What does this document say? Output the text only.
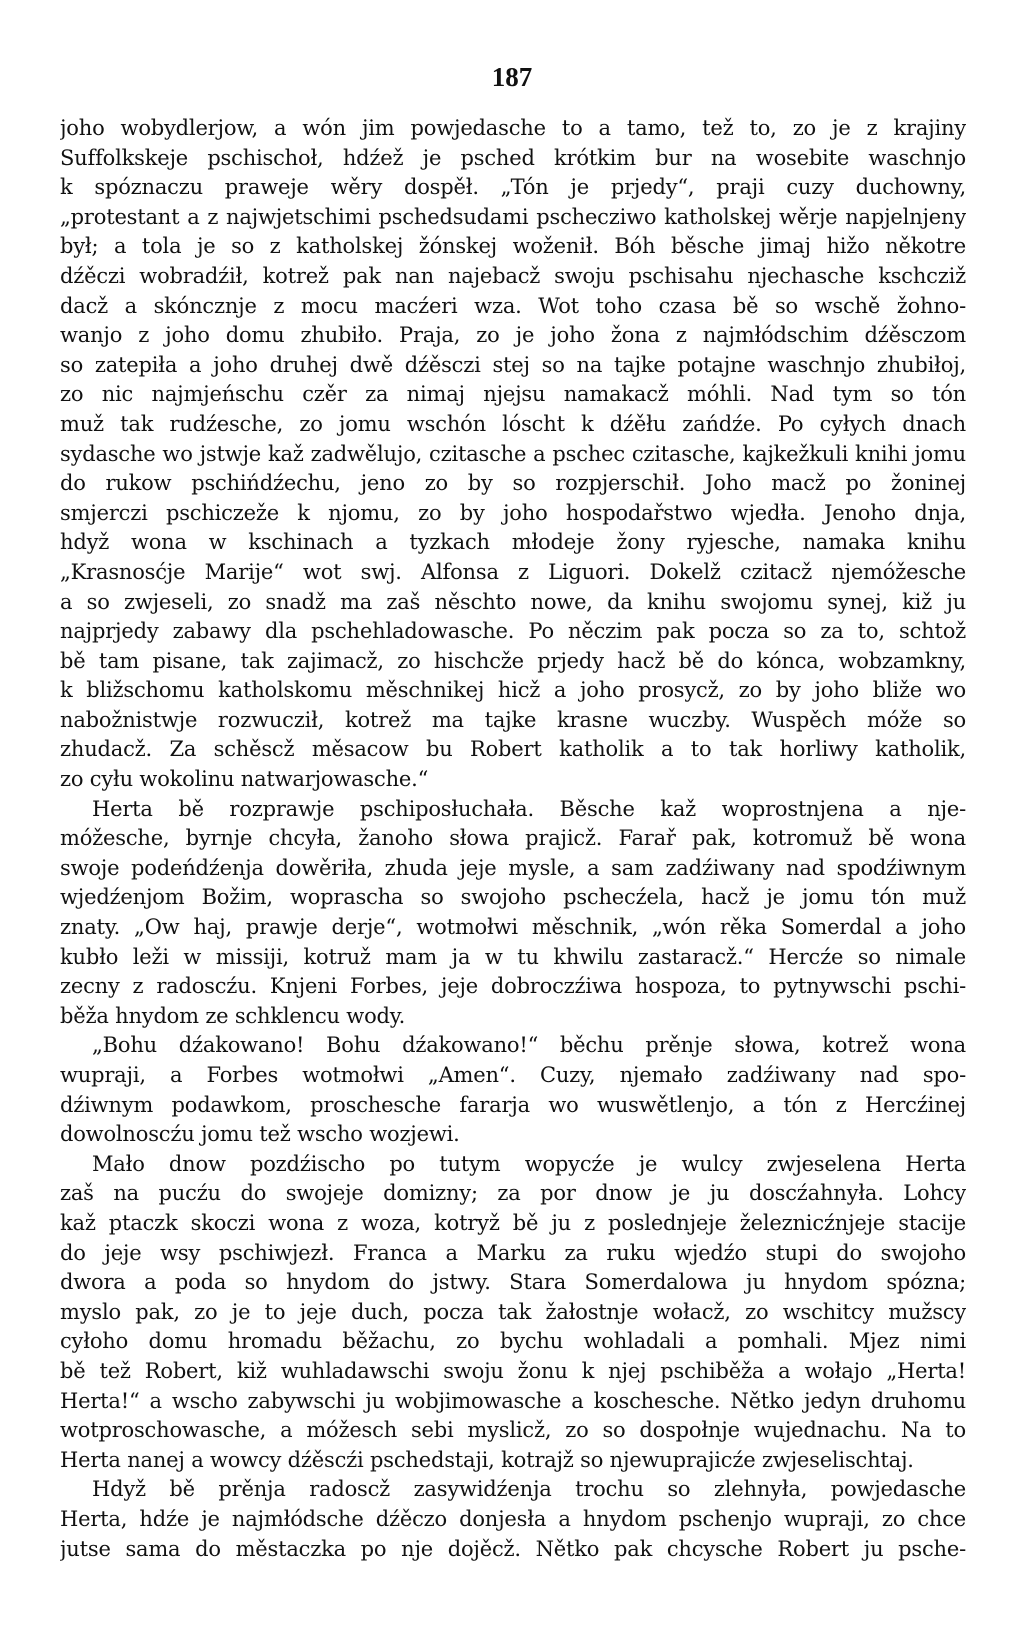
187
joho wobydlerjow, a wón jim powjedasche to a tamo, tež to, zo je z krajiny
Suffolkskeje pschischoł, hdźež je psched krótkim bur na wosebite waschnjo
k spóznaczu praweje wěry dospěł. „Tón je prjedy“, praji cuzy duchowny,
„protestant a z najwjetschimi pschedsudami pschecziwo katholskej wěrje napjelnjeny
był; a tola je so z katholskej žónskej woženił. Bóh běsche jimaj hižo někotre
dźěczi wobradźił, kotrež pak nan najebacž swoju pschisahu njechasche kschcziž
dacž a skóncznje z mocu macźeri wza. Wot toho czasa bě so wschě žohno-
wanjo z joho domu zhubiło. Praja, zo je joho žona z najmłódschim dźěsczom
so zatepiła a joho druhej dwě dźěsczi stej so na tajke potajne waschnjo zhubiłoj,
zo nic najmjeńschu czěr za nimaj njejsu namakacž móhli. Nad tym so tón
muž tak rudźesche, zo jomu wschón lóscht k dźěłu zańdźe. Po cyłych dnach
sydasche wo jstwje kaž zadwělujo, czitasche a pschec czitasche, kajkežkuli knihi jomu
do rukow pschińdźechu, jeno zo by so rozpjerschił. Joho macž po žoninej
smjerczi pschiczeže k njomu, zo by joho hospodařstwo wjedła. Jenoho dnja,
hdyž wona w kschinach a tyzkach młodeje žony ryjesche, namaka knihu
„Krasnosćje Marije“ wot swj. Alfonsa z Liguori. Dokelž czitacž njemóžesche
a so zwjeseli, zo snadž ma zaš něschto nowe, da knihu swojomu synej, kiž ju
najprjedy zabawy dla pschehladowasche. Po něczim pak pocza so za to, schtož
bě tam pisane, tak zajimacž, zo hischcže prjedy hacž bě do kónca, wobzamkny,
k bližschomu katholskomu měschnikej hicž a joho prosycž, zo by joho bliže wo
nabožnistwje rozwucził, kotrež ma tajke krasne wuczby. Wuspěch móže so
zhudacž. Za schěscž měsacow bu Robert katholik a to tak horliwy katholik,
zo cyłu wokolinu natwarjowasche.“
Herta bě rozprawje pschiposłuchała. Běsche kaž woprostnjena a nje-
móžesche, byrnje chcyła, žanoho słowa prajicž. Farař pak, kotromuž bě wona
swoje podeńdźenja dowěriła, zhuda jeje mysle, a sam zadźiwany nad spodźiwnym
wjedźenjom Božim, woprascha so swojoho pschecźela, hacž je jomu tón muž
znaty. „Ow haj, prawje derje“, wotmołwi měschnik, „wón rěka Somerdal a joho
kubło leži w missiji, kotruž mam ja w tu khwilu zastaracž.“ Hercźe so nimale
zecny z radoscźu. Knjeni Forbes, jeje dobroczźiwa hospoza, to pytnywschi pschi-
běža hnydom ze schklencu wody.
„Bohu dźakowano! Bohu dźakowano!“ běchu prěnje słowa, kotrež wona
wupraji, a Forbes wotmołwi „Amen“. Cuzy, njemało zadźiwany nad spo-
dźiwnym podawkom, proschesche fararja wo wuswětlenjo, a tón z Hercźinej
dowolnoscźu jomu tež wscho wozjewi.
Mało dnow pozdźischo po tutym wopycźe je wulcy zwjeselena Herta
zaš na pucźu do swojeje domizny; za por dnow je ju doscźahnyła. Lohcy
kaž ptaczk skoczi wona z woza, kotryž bě ju z poslednjeje železnicźnjeje stacije
do jeje wsy pschiwjezł. Franca a Marku za ruku wjedźo stupi do swojoho
dwora a poda so hnydom do jstwy. Stara Somerdalowa ju hnydom spózna;
myslo pak, zo je to jeje duch, pocza tak žałostnje wołacž, zo wschitcy mužscy
cyłoho domu hromadu běžachu, zo bychu wohladali a pomhali. Mjez nimi
bě tež Robert, kiž wuhladawschi swoju žonu k njej pschiběža a wołajo „Herta!
Herta!“ a wscho zabywschi ju wobjimowasche a koschesche. Nětko jedyn druhomu
wotproschowasche, a móžesch sebi myslicž, zo so dospołnje wujednachu. Na to
Herta nanej a wowcy dźěscźi pschedstaji, kotrajž so njewuprajicźe zwjeselischtaj.
Hdyž bě prěnja radoscž zasywidźenja trochu so zlehnyła, powjedasche
Herta, hdźe je najmłódsche dźěczo donjesła a hnydom pschenjo wupraji, zo chce
jutse sama do městaczka po nje dojěcž. Nětko pak chcysche Robert ju psche-
